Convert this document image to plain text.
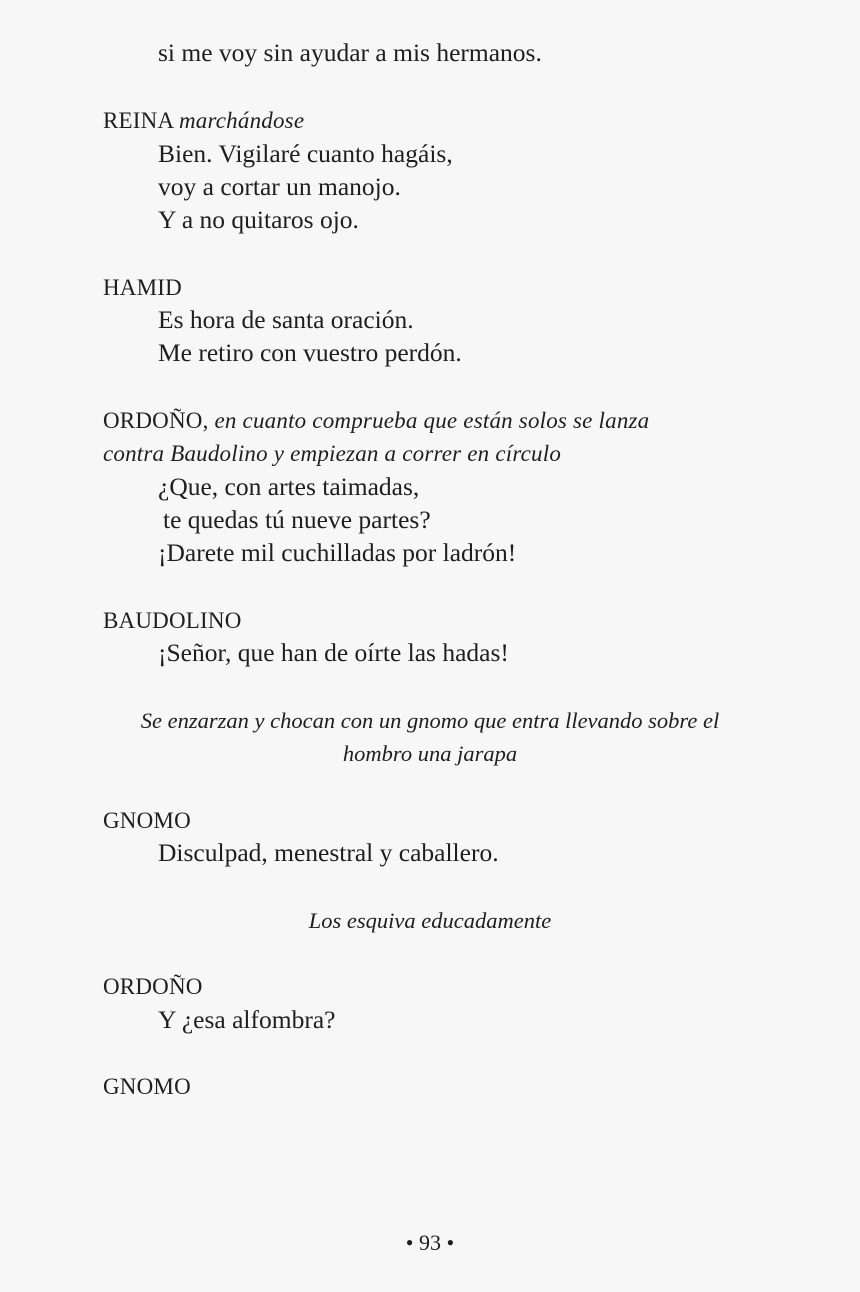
si me voy sin ayudar a mis hermanos.
REINA marchándose
Bien. Vigilaré cuanto hagáis,
voy a cortar un manojo.
Y a no quitaros ojo.
HAMID
Es hora de santa oración.
Me retiro con vuestro perdón.
ORDOÑO, en cuanto comprueba que están solos se lanza
contra Baudolino y empiezan a correr en círculo
¿Que, con artes taimadas,
te quedas tú nueve partes?
¡Darete mil cuchilladas por ladrón!
BAUDOLINO
¡Señor, que han de oírte las hadas!
Se enzarzan y chocan con un gnomo que entra llevando sobre el
hombro una jarapa
GNOMO
Disculpad, menestral y caballero.
Los esquiva educadamente
ORDOÑO
Y ¿esa alfombra?
GNOMO
• 93 •
